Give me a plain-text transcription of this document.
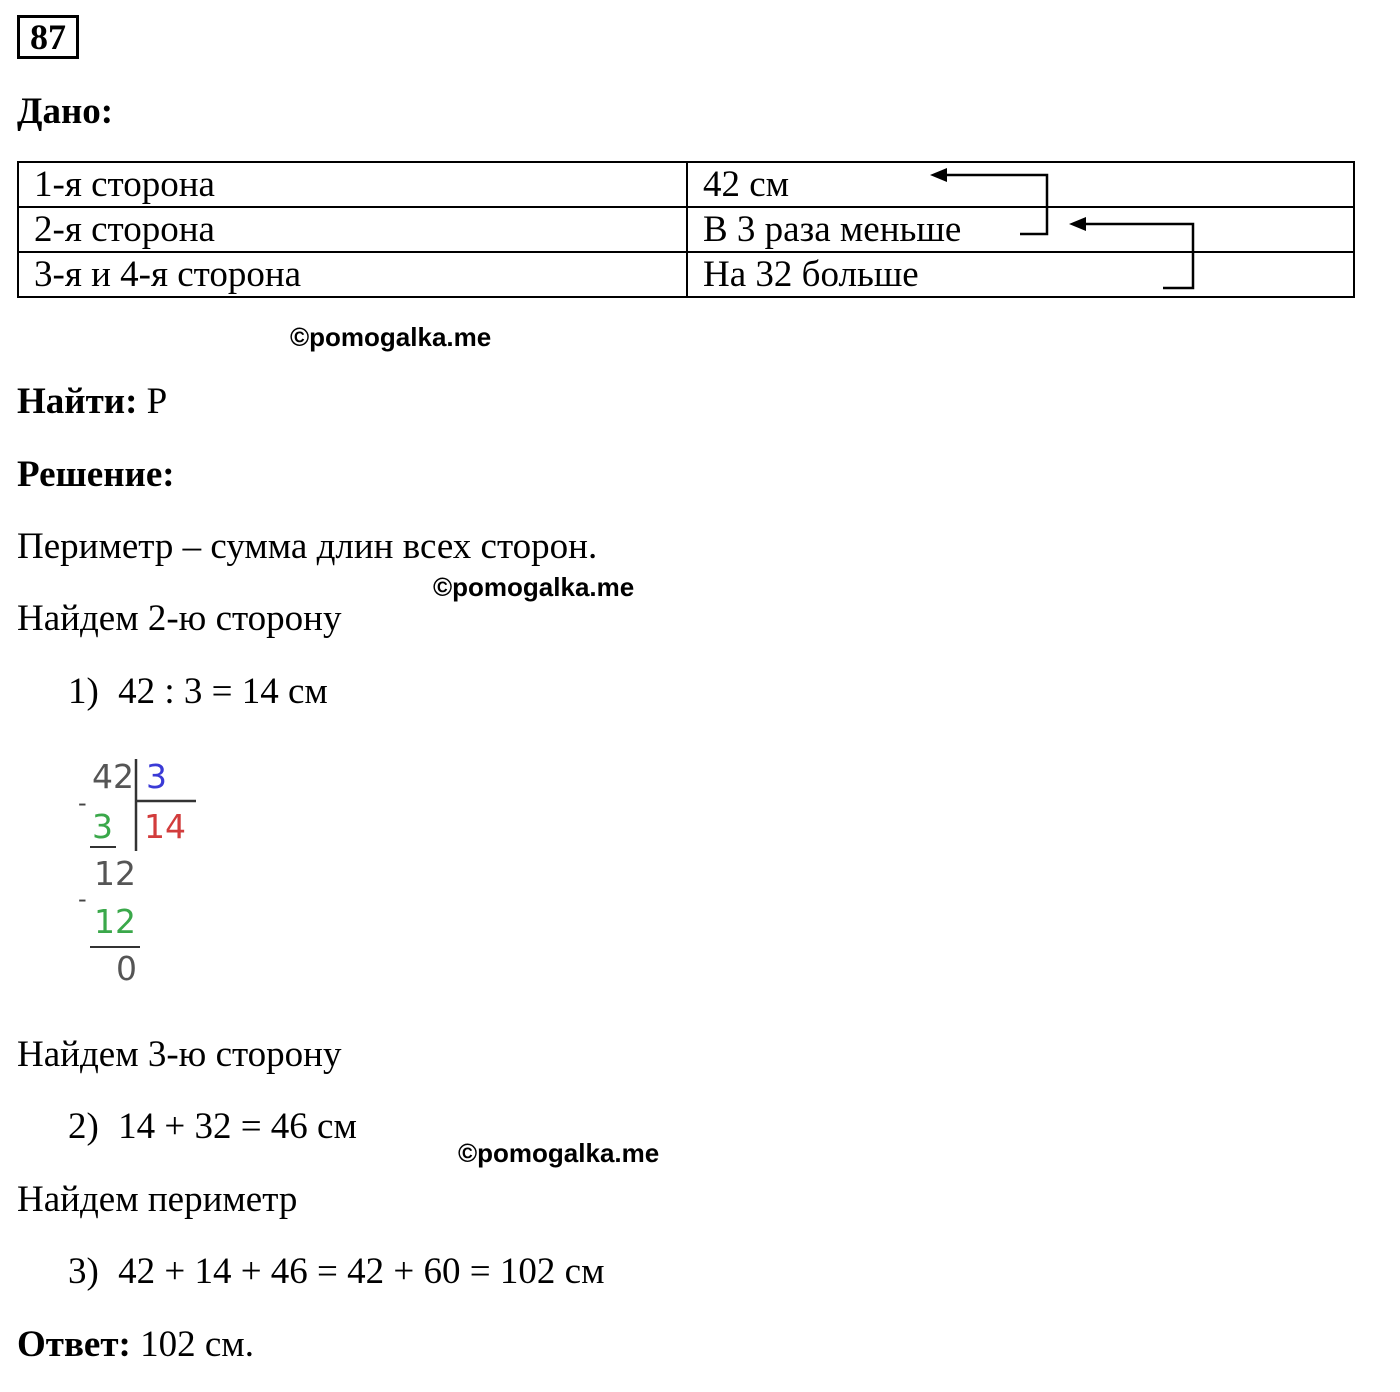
87
Дано:
1-я сторона	42 см
2-я сторона	В 3 раза меньше
3-я и 4-я сторона	На 32 больше
©pomogalka.me
Найти: P
Решение:
Периметр – сумма длин всех сторон.
©pomogalka.me
Найдем 2-ю сторону
1) 42 : 3 = 14 см
42 3
14
-
3
12
-
12
0
Найдем 3-ю сторону
2) 14 + 32 = 46 см
©pomogalka.me
Найдем периметр
3) 42 + 14 + 46 = 42 + 60 = 102 см
Ответ: 102 см.
